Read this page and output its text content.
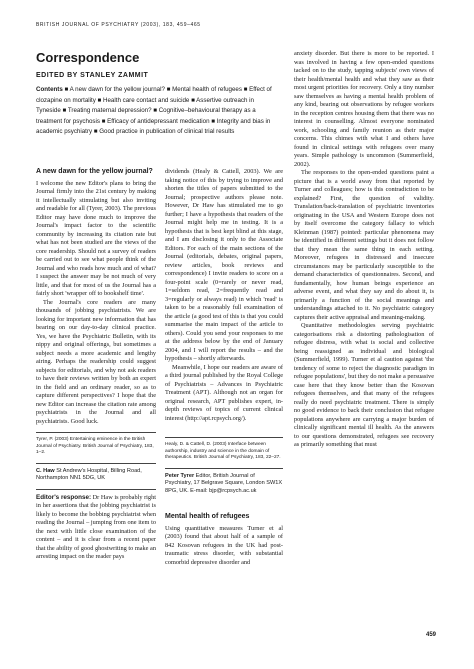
BRITISH JOURNAL OF PSYCHIATRY (2003), 183, 459–465
Correspondence
EDITED BY STANLEY ZAMMIT
Contents ■ A new dawn for the yellow journal? ■ Mental health of refugees ■ Effect of clozapine on mortality ■ Health care contact and suicide ■ Assertive outreach in Tyneside ■ Treating maternal depression? ■ Cognitive–behavioural therapy as a treatment for psychosis ■ Efficacy of antidepressant medication ■ Integrity and bias in academic psychiatry ■ Good practice in publication of clinical trial results
A new dawn for the yellow journal?

I welcome the new Editor's plans to bring the Journal firmly into the 21st century by making it intellectually stimulating but also inviting and readable for all (Tyrer, 2003). The previous Editor may have done much to improve the Journal's impact factor to the scientific community by increasing its citation rate but what has not been studied are the views of the core readership. Should not a survey of readers be carried out to see what people think of the Journal and who reads how much and of what? I suspect the answer may be not much of very little, and that for most of us the Journal has a fairly short 'wrapper off to bookshelf time'.

The Journal's core readers are many thousands of jobbing psychiatrists. We are looking for important new information that has bearing on our day-to-day clinical practice. Yes, we have the Psychiatric Bulletin, with its nippy and original offerings, but sometimes a subject needs a more academic and lengthy airing. Perhaps the readership could suggest subjects for editorials, and why not ask readers to have their reviews written by both an expert in the field and an ordinary reader, so as to capture different perspectives? I hope that the new Editor can increase the citation rate among psychiatrists in the Journal and all psychiatrists. Good luck.

Tyrer, P. (2003) Entertaining eminence in the British Journal of Psychiatry. British Journal of Psychiatry, 183, 1–2.
C. Haw St Andrew's Hospital, Billing Road, Northampton NN1 5DG, UK

Editor's response: Dr Haw is probably right in her assertions that the jobbing psychiatrist is likely to become the bobbing psychiatrist when reading the Journal – jumping from one item to the next with little close examination of the content – and it is clear from a recent paper that the ability of good ghostwriting to make an arresting impact on the reader pays

dividends (Healy & Cattell, 2003). We are taking notice of this by trying to improve and shorten the titles of papers submitted to the Journal; prospective authors please note. However, Dr Haw has stimulated me to go further; I have a hypothesis that readers of the Journal might help me in testing. It is a hypothesis that is best kept blind at this stage, and I am disclosing it only to the Associate Editors. For each of the main sections of the Journal (editorials, debates, original papers, review articles, book reviews and correspondence) I invite readers to score on a four-point scale (0=rarely or never read, 1=seldom read, 2=frequently read and 3=regularly or always read) in which 'read' is taken to be a reasonably full examination of the article (a good test of this is that you could summarise the main impact of the article to others). Could you send your responses to me at the address below by the end of January 2004, and I will report the results – and the hypothesis – shortly afterwards.

Meanwhile, I hope our readers are aware of a third journal published by the Royal College of Psychiatrists – Advances in Psychiatric Treatment (APT). Although not an organ for original research, APT publishes expert, in-depth reviews of topics of current clinical interest (http://apt.rcpsych.org/).

Healy, D. & Cattell, D. (2003) Interface between authorship, industry and science in the domain of therapeutics. British Journal of Psychiatry, 183, 22–27.
Peter Tyrer Editor, British Journal of Psychiatry, 17 Belgrave Square, London SW1X 8PG, UK. E-mail: bjp@rcpsych.ac.uk
Mental health of refugees

Using quantitative measures Turner et al (2003) found that about half of a sample of 842 Kosovan refugees in the UK had post-traumatic stress disorder, with substantial comorbid depressive disorder and

anxiety disorder. But there is more to be reported. I was involved in having a few open-ended questions tacked on to the study, tapping subjects' own views of their health/mental health and what they saw as their most urgent priorities for recovery. Only a tiny number saw themselves as having a mental health problem of any kind, bearing out observations by refugee workers in the reception centres housing them that there was no interest in counselling. Almost everyone nominated work, schooling and family reunion as their major concerns. This chimes with what I and others have found in clinical settings with refugees over many years. Simple pathology is uncommon (Summerfield, 2002).

The responses to the open-ended questions paint a picture that is a world away from that reported by Turner and colleagues; how is this contradiction to be explained? First, the question of validity. Translation/back-translation of psychiatric inventories originating in the USA and Western Europe does not by itself overcome the category fallacy to which Kleinman (1987) pointed: particular phenomena may be identified in different settings but it does not follow that they mean the same thing in each setting. Moreover, refugees in distressed and insecure circumstances may be particularly susceptible to the demand characteristics of questionnaires. Second, and fundamentally, how human beings experience an adverse event, and what they say and do about it, is primarily a function of the social meanings and understandings attached to it. No psychiatric category captures their active appraisal and meaning-making.

Quantitative methodologies serving psychiatric categorisations risk a distorting pathologisation of refugee distress, with what is social and collective being reassigned as individual and biological (Summerfield, 1999). Turner et al caution against 'the tendency of some to reject the diagnostic paradigm in refugee populations', but they do not make a persuasive case here that they know better than the Kosovan refugees themselves, and that many of the refugees really do need psychiatric treatment. There is simply no good evidence to back their conclusion that refugee populations anywhere are carrying a major burden of clinically significant mental ill health. As the answers to our questions demonstrated, refugees see recovery as primarily something that must

459
